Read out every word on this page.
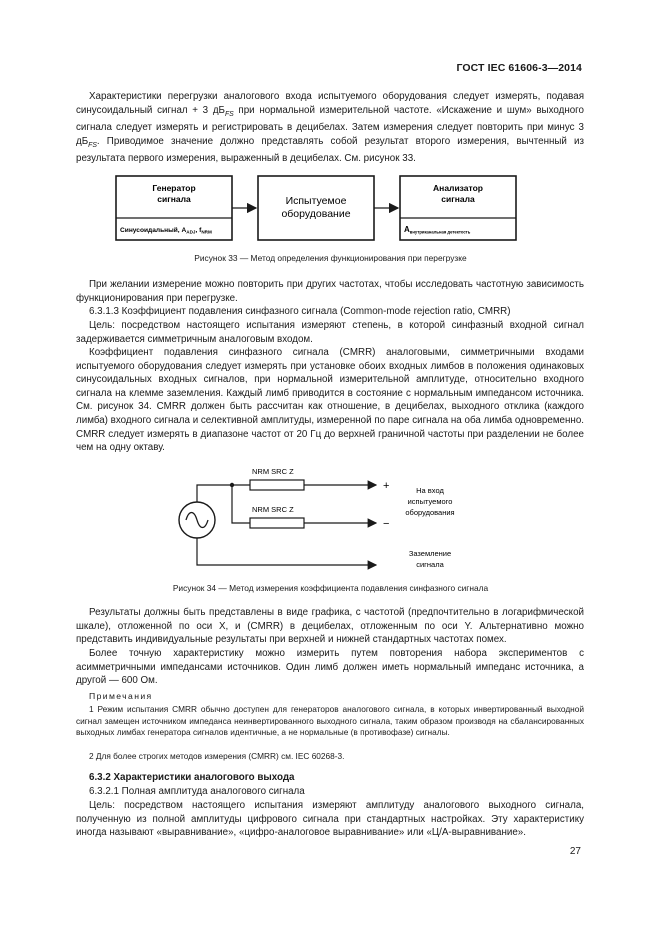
ГОСТ IEC 61606-3—2014
Характеристики перегрузки аналогового входа испытуемого оборудования следует измерять, подавая синусоидальный сигнал + 3 $дБ_{FS}$ при нормальной измерительной частоте. «Искажение и шум» выходного сигнала следует измерять и регистрировать в децибелах. Затем измерения следует повторить при минус 3 $дБ_{FS}$. Приводимое значение должно представлять собой результат второго измерения, вычтенный из результата первого измерения, выраженный в децибелах. См. рисунок 33.
Генератор
сигнала
Синусоидальный, $A_{ADJ}$, $f_{NRM}$
Испытуемое
оборудование
Анализатор
сигнала
Aвнутриканальная детектость
Рисунок 33 — Метод определения функционирования при перегрузке
При желании измерение можно повторить при других частотах, чтобы исследовать частотную зависимость функционирования при перегрузке.
6.3.1.3 Коэффициент подавления синфазного сигнала (Common-mode rejection ratio, CMRR)
Цель: посредством настоящего испытания измеряют степень, в которой синфазный входной сигнал задерживается симметричным аналоговым входом.
Коэффициент подавления синфазного сигнала (CMRR) аналоговыми, симметричными входами испытуемого оборудования следует измерять при установке обоих входных лимбов в положения одинаковых синусоидальных входных сигналов, при нормальной измерительной амплитуде, относительно входного сигнала на клемме заземления. Каждый лимб приводится в состояние с нормальным импедансом источника. См. рисунок 34. CMRR должен быть рассчитан как отношение, в децибелах, выходного отклика (каждого лимба) входного сигнала и селективной амплитуды, измеренной по паре сигнала на оба лимба одновременно. CMRR следует измерять в диапазоне частот от 20 Гц до верхней граничной частоты при разделении не более чем на одну октаву.
NRM SRC Z
+
NRM SRC Z
−
На вход
испытуемого
оборудования
Заземление
сигнала
Рисунок 34 — Метод измерения коэффициента подавления синфазного сигнала
Результаты должны быть представлены в виде графика, с частотой (предпочтительно в логарифмической шкале), отложенной по оси X, и (CMRR) в децибелах, отложенным по оси Y. Альтернативно можно представить индивидуальные результаты при верхней и нижней стандартных частотах помех.
Более точную характеристику можно измерить путем повторения набора экспериментов с асимметричными импедансами источников. Один лимб должен иметь нормальный импеданс источника, а другой — 600 Ом.
Примечания
1 Режим испытания CMRR обычно доступен для генераторов аналогового сигнала, в которых инвертированный выходной сигнал замещен источником импеданса неинвертированного выходного сигнала, таким образом производя на сбалансированных выходных лимбах генератора сигналов идентичные, а не нормальные (в противофазе) сигналы.
2 Для более строгих методов измерения (CMRR) см. IEC 60268-3.
6.3.2 Характеристики аналогового выхода
6.3.2.1 Полная амплитуда аналогового сигнала
Цель: посредством настоящего испытания измеряют амплитуду аналогового выходного сигнала, полученную из полной амплитуды цифрового сигнала при стандартных настройках. Эту характеристику иногда называют «выравнивание», «цифро-аналоговое выравнивание» или «Ц/А-выравнивание».
27
